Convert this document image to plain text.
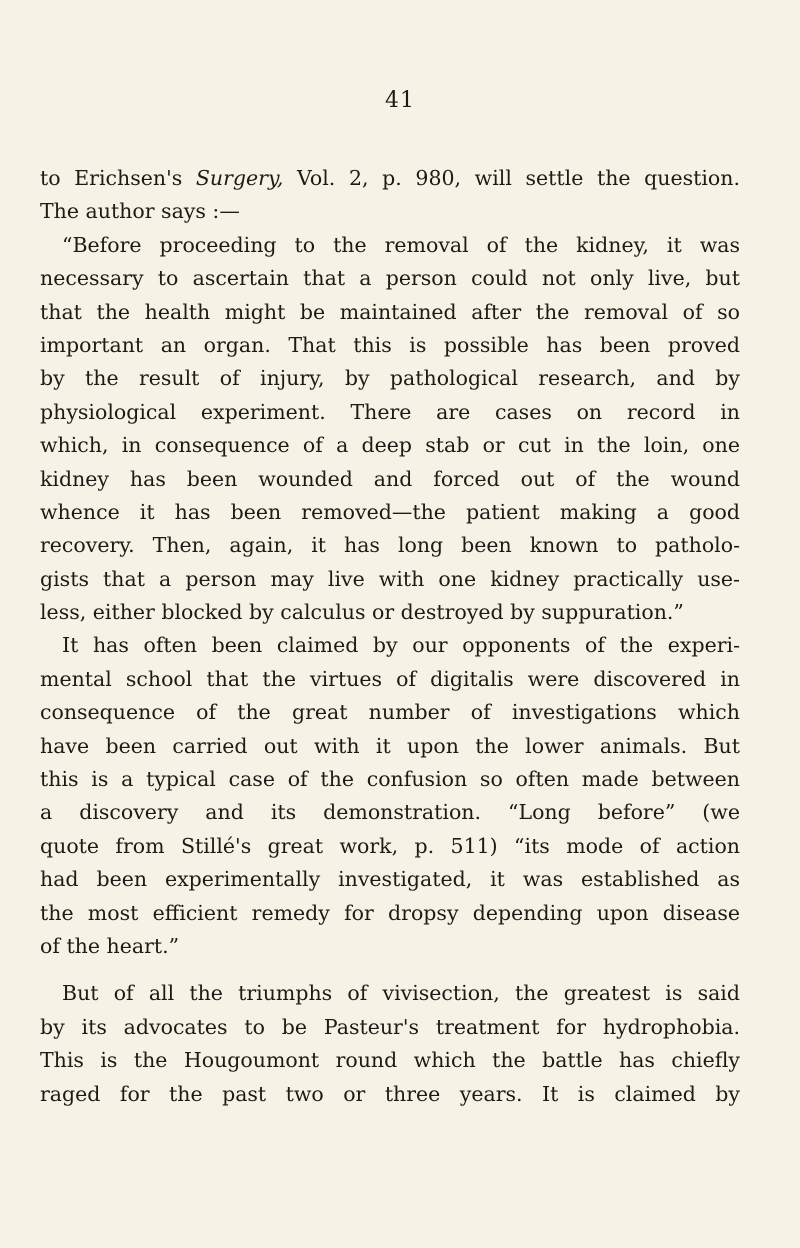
41
to Erichsen's Surgery, Vol. 2, p. 980, will settle the question.
The author says :—
“Before proceeding to the removal of the kidney, it was
necessary to ascertain that a person could not only live, but
that the health might be maintained after the removal of so
important an organ. That this is possible has been proved
by the result of injury, by pathological research, and by
physiological experiment. There are cases on record in
which, in consequence of a deep stab or cut in the loin, one
kidney has been wounded and forced out of the wound
whence it has been removed—the patient making a good
recovery. Then, again, it has long been known to patholo-
gists that a person may live with one kidney practically use-
less, either blocked by calculus or destroyed by suppuration.”
It has often been claimed by our opponents of the experi-
mental school that the virtues of digitalis were discovered in
consequence of the great number of investigations which
have been carried out with it upon the lower animals. But
this is a typical case of the confusion so often made between
a discovery and its demonstration. “Long before” (we
quote from Stillé's great work, p. 511) “its mode of action
had been experimentally investigated, it was established as
the most efficient remedy for dropsy depending upon disease
of the heart.”
But of all the triumphs of vivisection, the greatest is said
by its advocates to be Pasteur's treatment for hydrophobia.
This is the Hougoumont round which the battle has chiefly
raged for the past two or three years. It is claimed by
